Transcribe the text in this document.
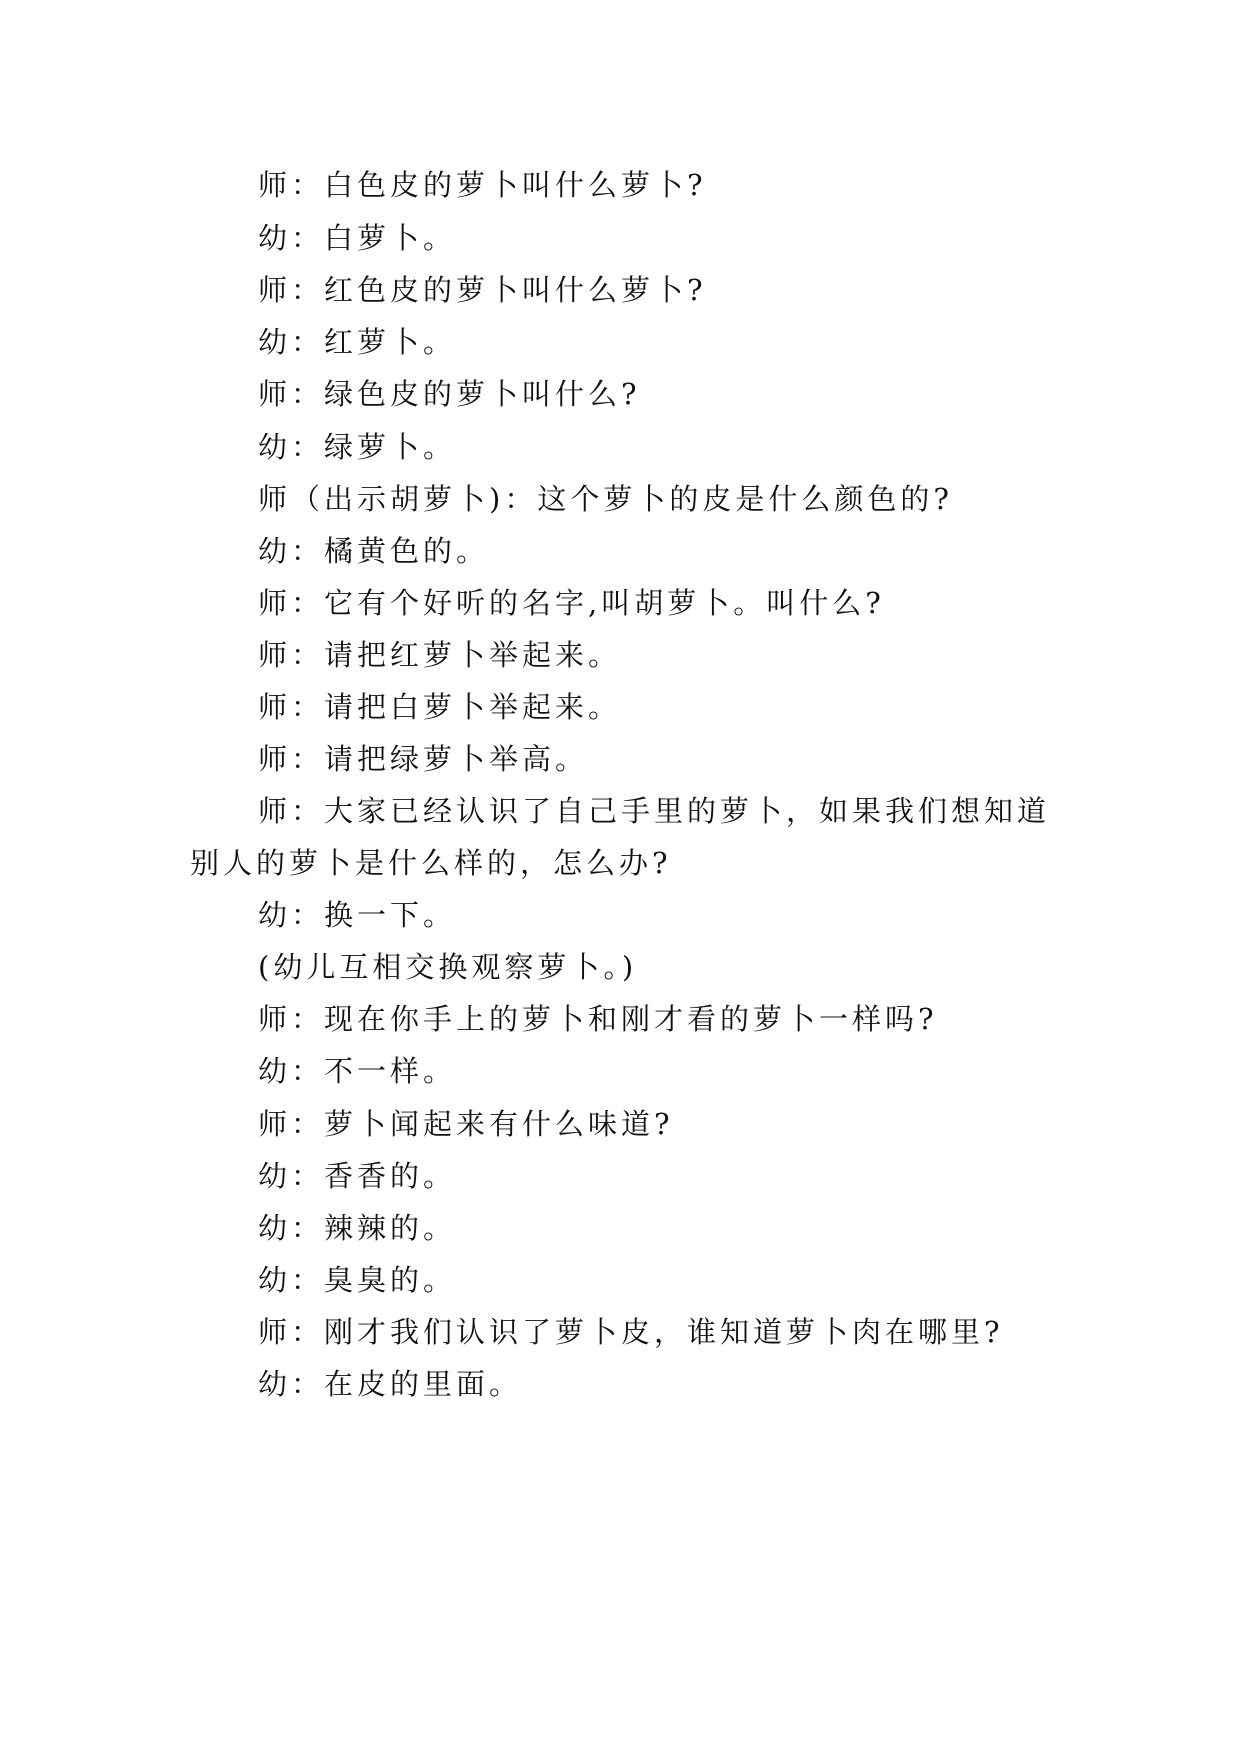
师：白色皮的萝卜叫什么萝卜?
幼：白萝卜。
师：红色皮的萝卜叫什么萝卜?
幼：红萝卜。
师：绿色皮的萝卜叫什么?
幼：绿萝卜。
师（出示胡萝卜)：这个萝卜的皮是什么颜色的?
幼：橘黄色的。
师：它有个好听的名字,叫胡萝卜。叫什么?
师：请把红萝卜举起来。
师：请把白萝卜举起来。
师：请把绿萝卜举高。
师：大家已经认识了自己手里的萝卜，如果我们想知道
别人的萝卜是什么样的，怎么办?
幼：换一下。
(幼儿互相交换观察萝卜。)
师：现在你手上的萝卜和刚才看的萝卜一样吗?
幼：不一样。
师：萝卜闻起来有什么味道?
幼：香香的。
幼：辣辣的。
幼：臭臭的。
师：刚才我们认识了萝卜皮，谁知道萝卜肉在哪里?
幼：在皮的里面。
